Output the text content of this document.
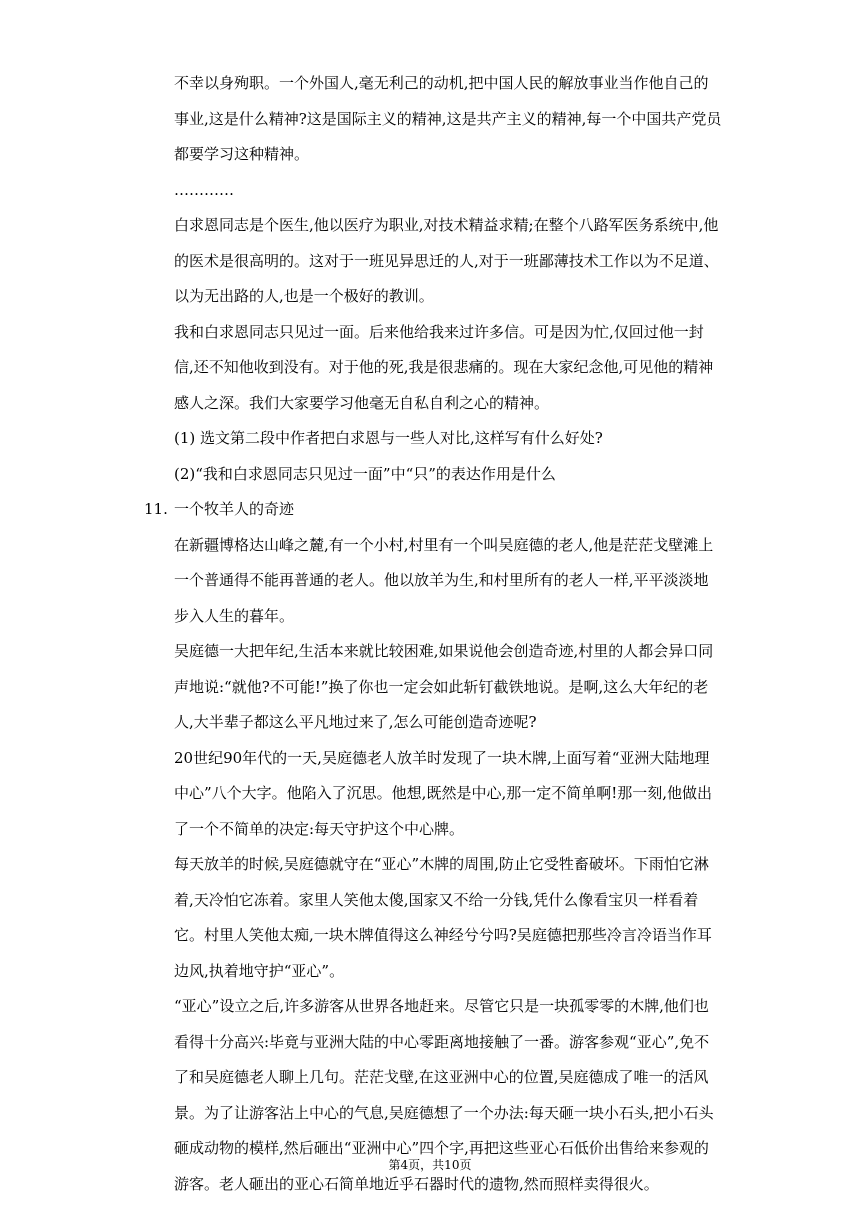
不幸以身殉职。一个外国人,毫无利己的动机,把中国人民的解放事业当作他自己的事业,这是什么精神?这是国际主义的精神,这是共产主义的精神,每一个中国共产党员都要学习这种精神。

…………

白求恩同志是个医生,他以医疗为职业,对技术精益求精;在整个八路军医务系统中,他的医术是很高明的。这对于一班见异思迁的人,对于一班鄙薄技术工作以为不足道、以为无出路的人,也是一个极好的教训。

我和白求恩同志只见过一面。后来他给我来过许多信。可是因为忙,仅回过他一封信,还不知他收到没有。对于他的死,我是很悲痛的。现在大家纪念他,可见他的精神感人之深。我们大家要学习他毫无自私自利之心的精神。

(1) 选文第二段中作者把白求恩与一些人对比,这样写有什么好处?

(2)“我和白求恩同志只见过一面”中“只”的表达作用是什么

11. 一个牧羊人的奇迹

在新疆博格达山峰之麓,有一个小村,村里有一个叫吴庭德的老人,他是茫茫戈壁滩上一个普通得不能再普通的老人。他以放羊为生,和村里所有的老人一样,平平淡淡地步入人生的暮年。

吴庭德一大把年纪,生活本来就比较困难,如果说他会创造奇迹,村里的人都会异口同声地说:“就他?不可能!”换了你也一定会如此斩钉截铁地说。是啊,这么大年纪的老人,大半辈子都这么平凡地过来了,怎么可能创造奇迹呢?

20世纪90年代的一天,吴庭德老人放羊时发现了一块木牌,上面写着“亚洲大陆地理中心”八个大字。他陷入了沉思。他想,既然是中心,那一定不简单啊!那一刻,他做出了一个不简单的决定:每天守护这个中心牌。

每天放羊的时候,吴庭德就守在“亚心”木牌的周围,防止它受牲畜破坏。下雨怕它淋着,天冷怕它冻着。家里人笑他太傻,国家又不给一分钱,凭什么像看宝贝一样看着它。村里人笑他太痴,一块木牌值得这么神经兮兮吗?吴庭德把那些冷言冷语当作耳边风,执着地守护“亚心”。

“亚心”设立之后,许多游客从世界各地赶来。尽管它只是一块孤零零的木牌,他们也看得十分高兴:毕竟与亚洲大陆的中心零距离地接触了一番。游客参观“亚心”,免不了和吴庭德老人聊上几句。茫茫戈壁,在这亚洲中心的位置,吴庭德成了唯一的活风景。为了让游客沾上中心的气息,吴庭德想了一个办法:每天砸一块小石头,把小石头砸成动物的模样,然后砸出“亚洲中心”四个字,再把这些亚心石低价出售给来参观的游客。老人砸出的亚心石简单地近乎石器时代的遗物,然而照样卖得很火。

第4页，共10页
